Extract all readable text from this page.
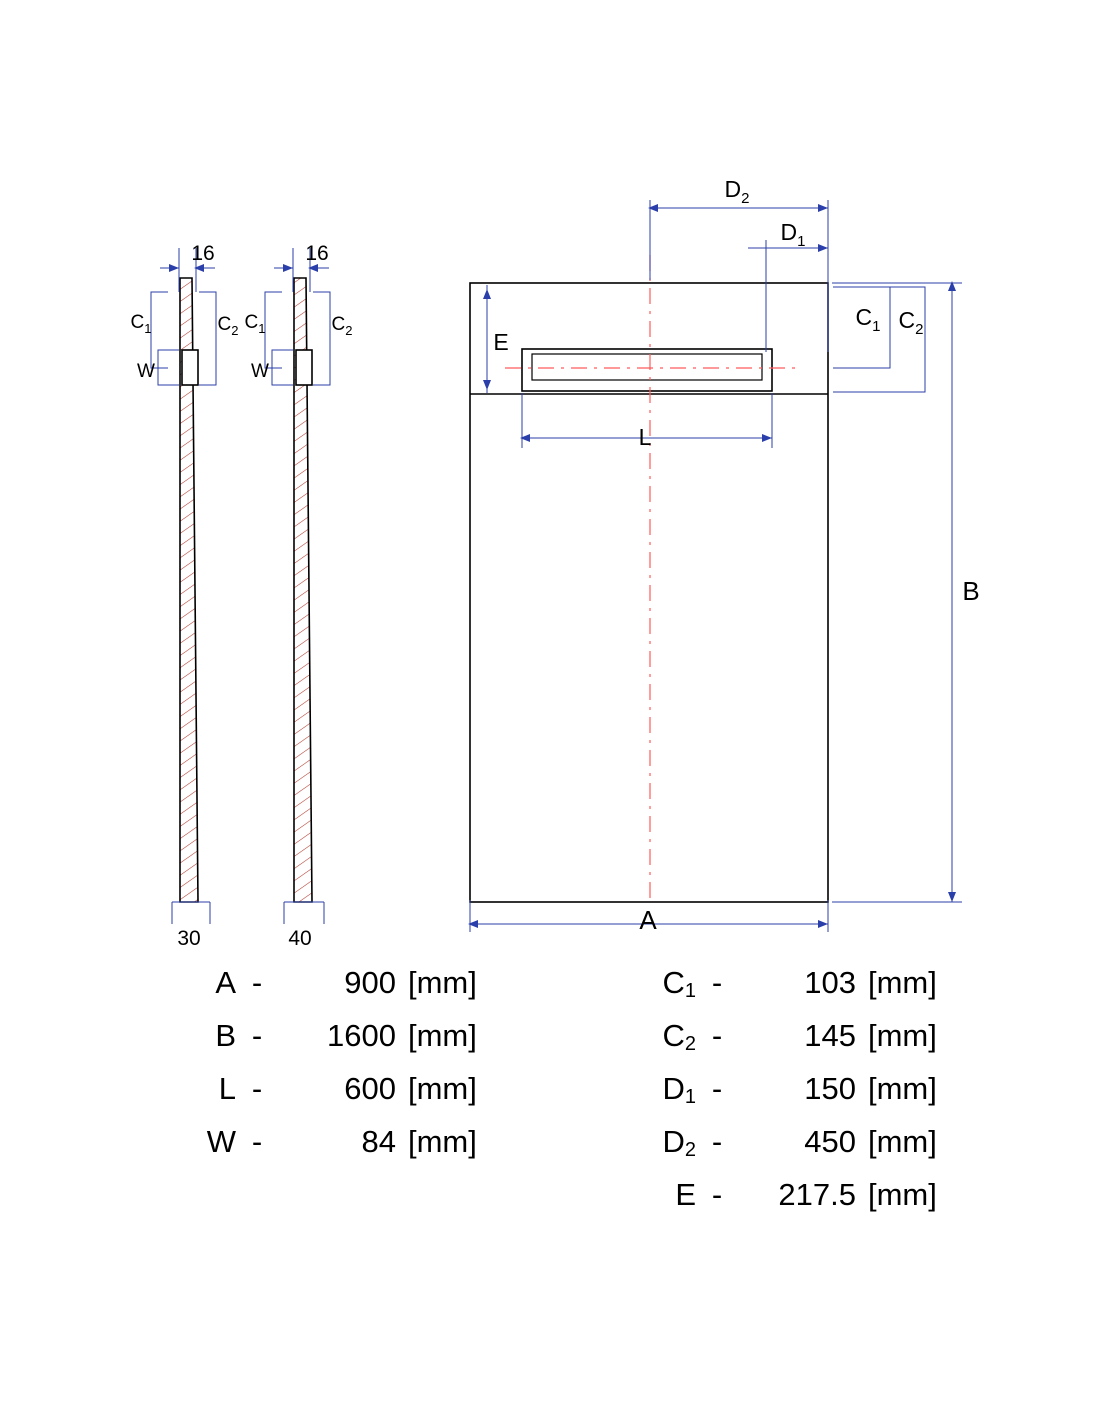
16
30
$C_1$	$C_2$
W
16
40
$C_1$	$C_2$
W
$D_2$
$D_1$
L
E
$C_1$ $C_2$
B
A
A -	900 [mm]
B -	1600 [mm]
L -	600 [mm]
W -	84 [mm]
$C_1$ -	103 [mm]
$C_2$ -	145 [mm]
$D_1$ -	150 [mm]
$D_2$ -	450 [mm]
E -	217.5 [mm]
